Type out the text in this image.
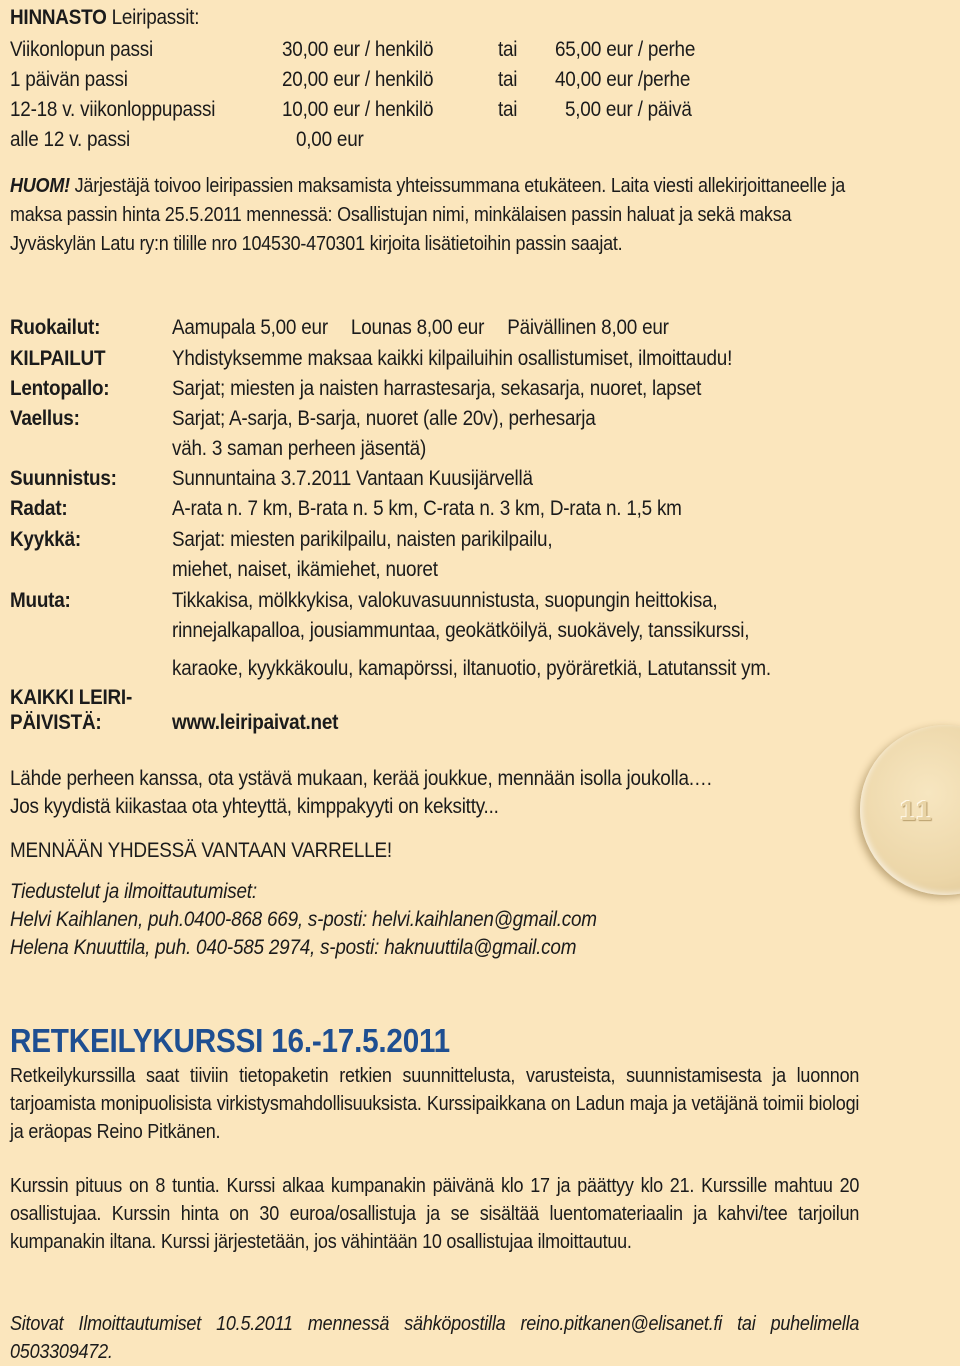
HINNASTO Leiripassit:
Viikonlopun passi	30,00 eur / henkilö	tai 65,00 eur / perhe
1 päivän passi	20,00 eur / henkilö	tai 40,00 eur /perhe
12-18 v. viikonloppupassi	10,00 eur / henkilö	tai 5,00 eur / päivä
alle 12 v. passi	0,00 eur
HUOM! Järjestäjä toivoo leiripassien maksamista yhteissummana etukäteen. Laita viesti allekirjoittaneelle ja maksa passin hinta 25.5.2011 mennessä: Osallistujan nimi, minkälaisen passin haluat ja sekä maksa Jyväskylän Latu ry:n tilille nro 104530-470301 kirjoita lisätietoihin passin saajat.
Ruokailut:	Aamupala 5,00 eur Lounas 8,00 eur Päivällinen 8,00 eur
KILPAILUT	Yhdistyksemme maksaa kaikki kilpailuihin osallistumiset, ilmoittaudu!
Lentopallo:	Sarjat; miesten ja naisten harrastesarja, sekasarja, nuoret, lapset
Vaellus:	Sarjat; A-sarja, B-sarja, nuoret (alle 20v), perhesarja
väh. 3 saman perheen jäsentä)
Suunnistus:	Sunnuntaina 3.7.2011 Vantaan Kuusijärvellä
Radat:	A-rata n. 7 km, B-rata n. 5 km, C-rata n. 3 km, D-rata n. 1,5 km
Kyykkä:	Sarjat: miesten parikilpailu, naisten parikilpailu,
miehet, naiset, ikämiehet, nuoret
Muuta:	Tikkakisa, mölkkykisa, valokuvasuunnistusta, suopungin heittokisa,
rinnejalkapalloa, jousiammuntaa, geokätköilyä, suokävely, tanssikurssi,
karaoke, kyykkäkoulu, kamapörssi, iltanuotio, pyöräretkiä, Latutanssit ym.
KAIKKI LEIRI-
PÄIVISTÄ:	www.leiripaivat.net
Lähde perheen kanssa, ota ystävä mukaan, kerää joukkue, mennään isolla joukolla.…
Jos kyydistä kiikastaa ota yhteyttä, kimppakyyti on keksitty...
MENNÄÄN YHDESSÄ VANTAAN VARRELLE!
Tiedustelut ja ilmoittautumiset:
Helvi Kaihlanen, puh.0400-868 669, s-posti: helvi.kaihlanen@gmail.com
Helena Knuuttila, puh. 040-585 2974, s-posti: haknuuttila@gmail.com
RETKEILYKURSSI 16.-17.5.2011
Retkeilykurssilla saat tiiviin tietopaketin retkien suunnittelusta, varusteista, suunnistamisesta ja luonnon tarjoamista monipuolisista virkistysmahdollisuuksista. Kurssipaikkana on Ladun maja ja vetäjänä toimii biologi ja eräopas Reino Pitkänen.
Kurssin pituus on 8 tuntia. Kurssi alkaa kumpanakin päivänä klo 17 ja päättyy klo 21. Kurssille mahtuu 20 osallistujaa. Kurssin hinta on 30 euroa/osallistuja ja se sisältää luentomateriaalin ja kahvi/tee tarjoilun kumpanakin iltana. Kurssi järjestetään, jos vähintään 10 osallistujaa ilmoittautuu.
Sitovat Ilmoittautumiset 10.5.2011 mennessä sähköpostilla reino.pitkanen@elisanet.fi tai puhelimella 0503309472.
11
